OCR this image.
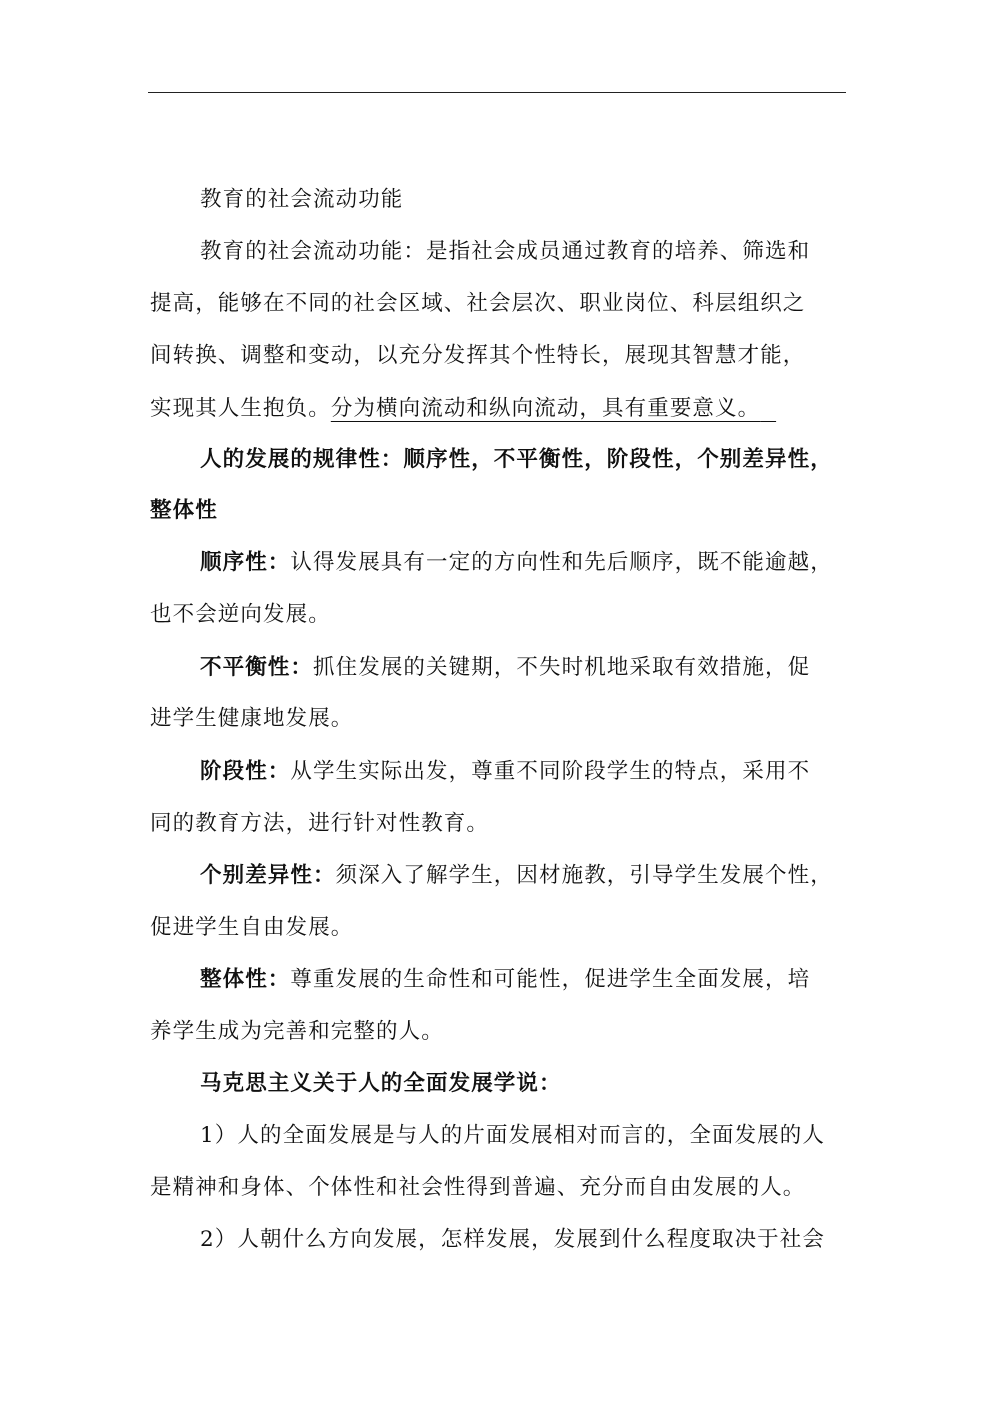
教育的社会流动功能
教育的社会流动功能：是指社会成员通过教育的培养、筛选和
提高，能够在不同的社会区域、社会层次、职业岗位、科层组织之
间转换、调整和变动，以充分发挥其个性特长，展现其智慧才能，
实现其人生抱负。分为横向流动和纵向流动，具有重要意义。
人的发展的规律性：顺序性，不平衡性，阶段性，个别差异性，
整体性
顺序性：认得发展具有一定的方向性和先后顺序，既不能逾越，
也不会逆向发展。
不平衡性：抓住发展的关键期，不失时机地采取有效措施，促
进学生健康地发展。
阶段性：从学生实际出发，尊重不同阶段学生的特点，采用不
同的教育方法，进行针对性教育。
个别差异性：须深入了解学生，因材施教，引导学生发展个性，
促进学生自由发展。
整体性：尊重发展的生命性和可能性，促进学生全面发展，培
养学生成为完善和完整的人。
马克思主义关于人的全面发展学说：
1）人的全面发展是与人的片面发展相对而言的，全面发展的人
是精神和身体、个体性和社会性得到普遍、充分而自由发展的人。
2）人朝什么方向发展，怎样发展，发展到什么程度取决于社会
